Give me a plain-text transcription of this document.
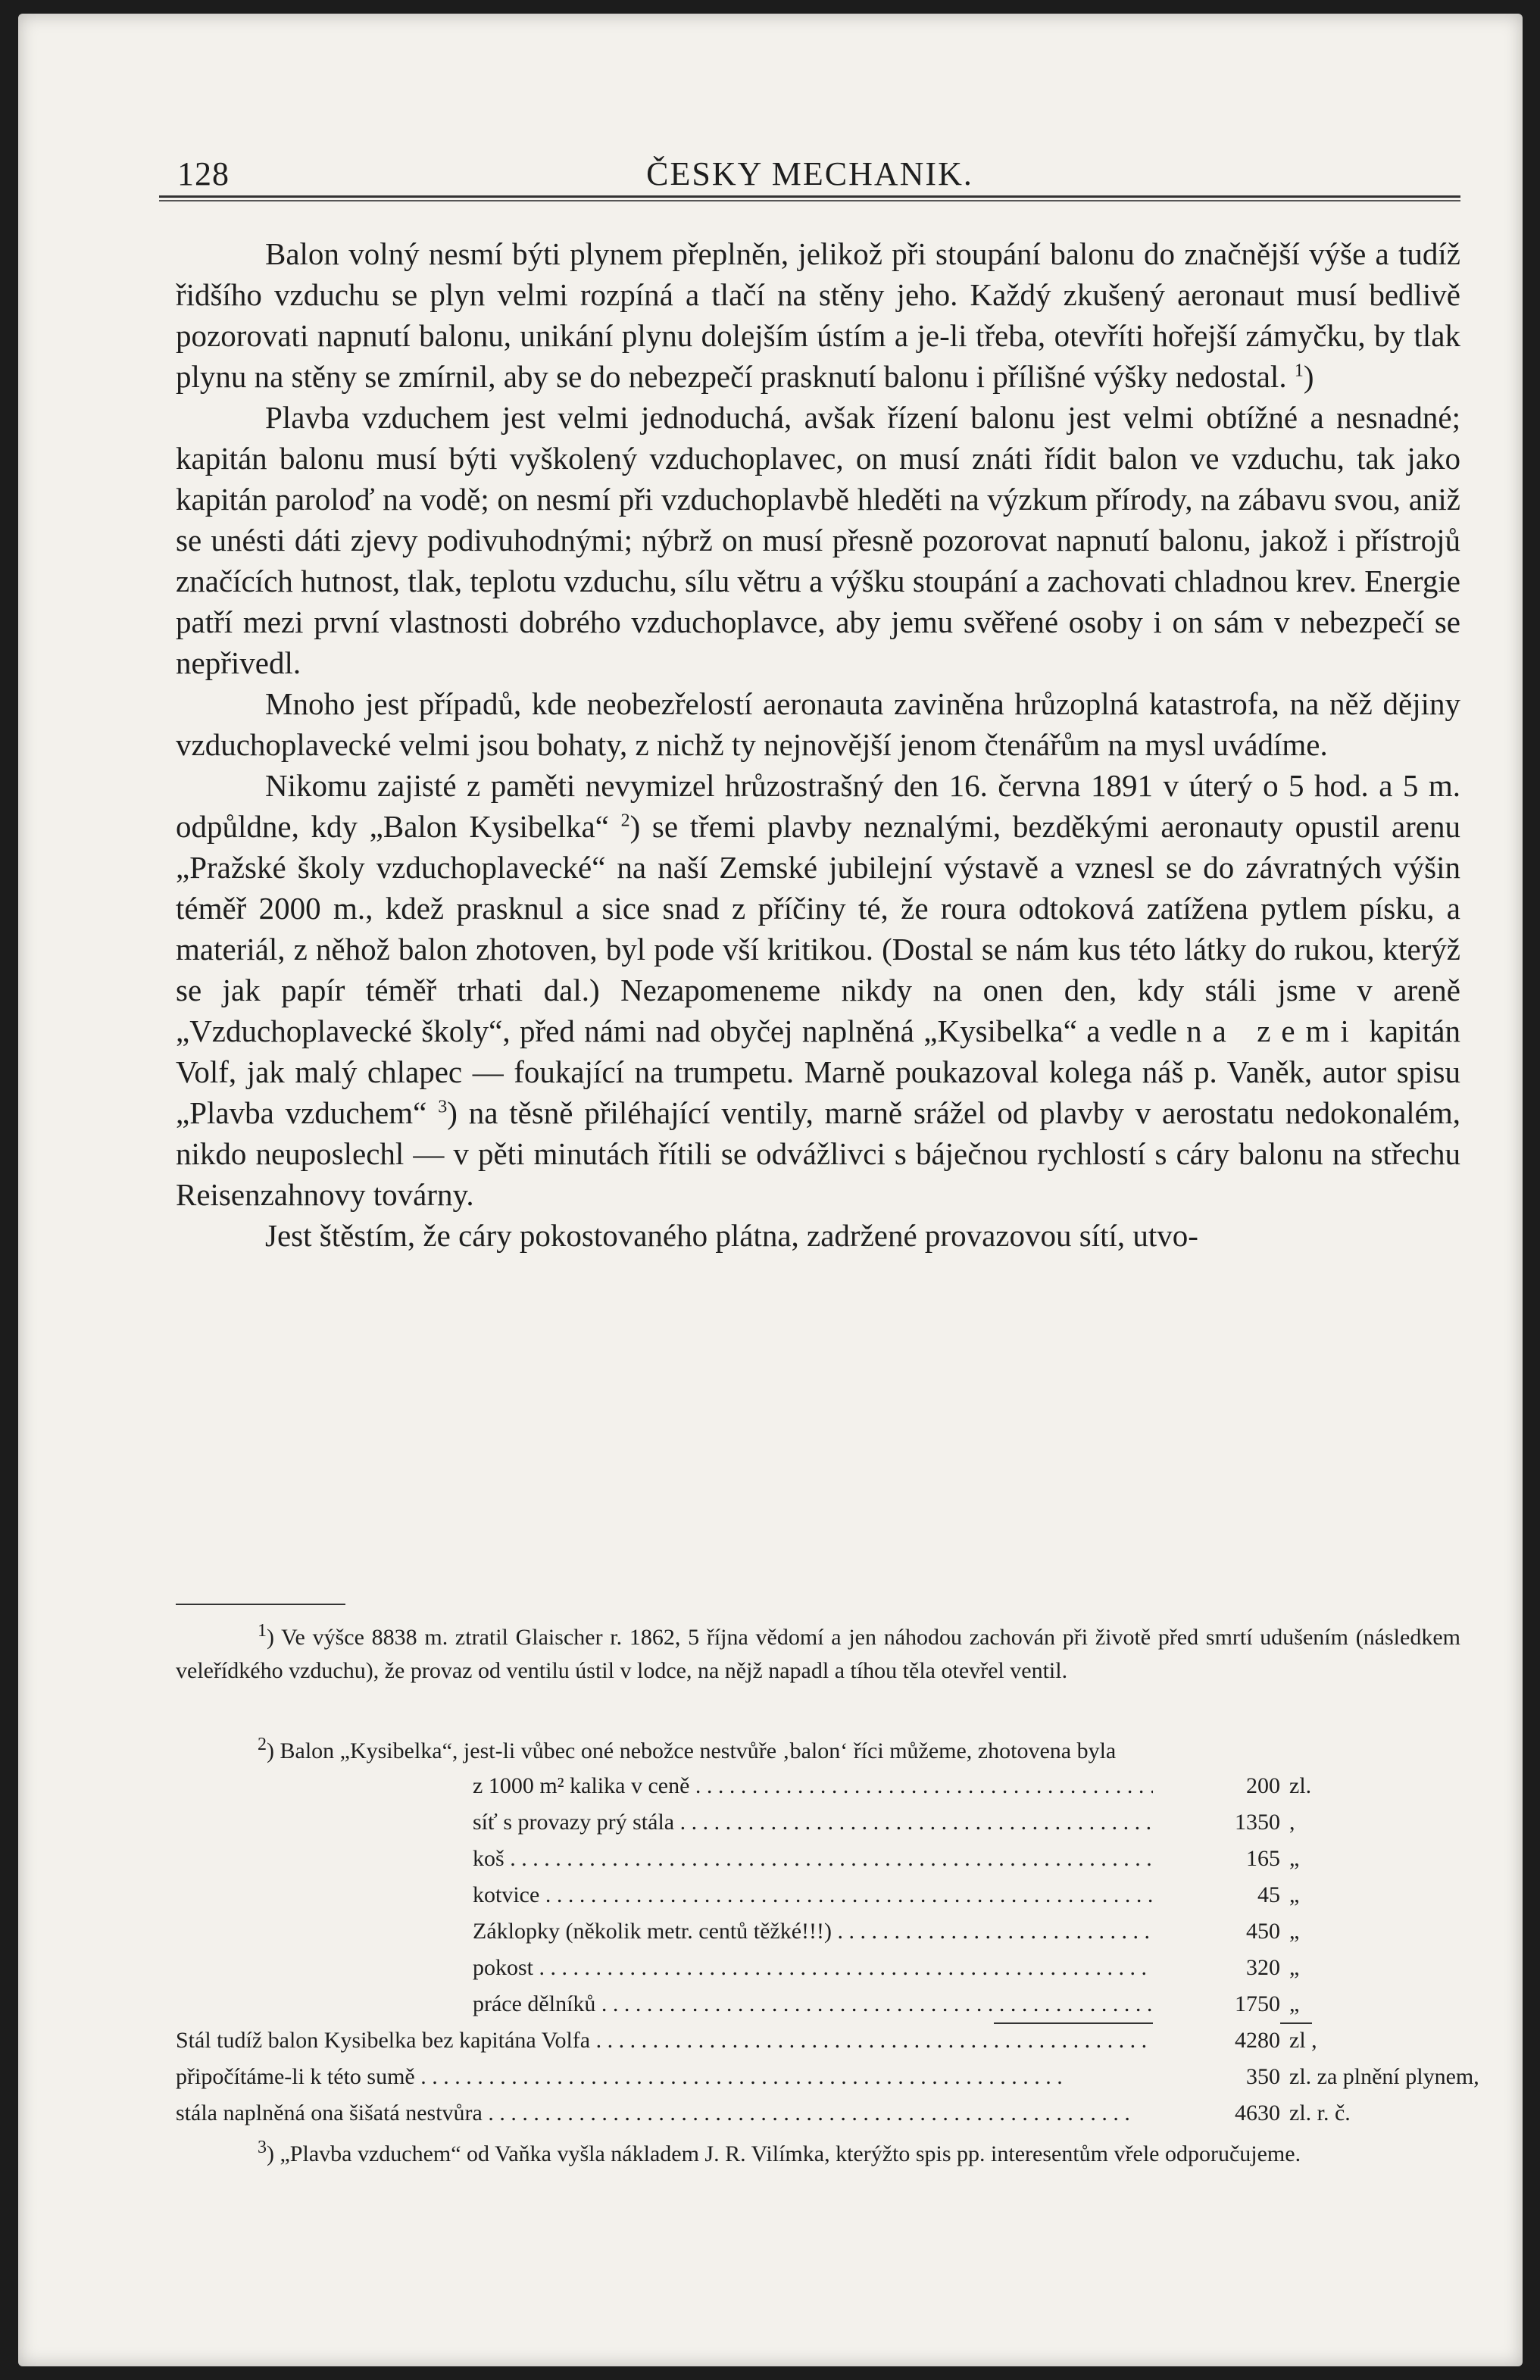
128	ČESKY MECHANIK.

Balon volný nesmí býti plynem přeplněn, jelikož při stoupání balonu do značnější výše a tudíž řidšího vzduchu se plyn velmi rozpíná a tlačí na stěny jeho. Každý zkušený aeronaut musí bedlivě pozorovati napnutí balonu, unikání plynu dolejším ústím a je-li třeba, otevříti hořejší zámyčku, by tlak plynu na stěny se zmírnil, aby se do nebezpečí prasknutí balonu i přílišné výšky nedostal. $^1$)

Plavba vzduchem jest velmi jednoduchá, avšak řízení balonu jest velmi obtížné a nesnadné; kapitán balonu musí býti vyškolený vzduchoplavec, on musí znáti řídit balon ve vzduchu, tak jako kapitán paroloď na vodě; on nesmí při vzduchoplavbě hleděti na výzkum přírody, na zábavu svou, aniž se unésti dáti zjevy podivuhodnými; nýbrž on musí přesně pozorovat napnutí balonu, jakož i přístrojů značících hutnost, tlak, teplotu vzduchu, sílu větru a výšku stoupání a zachovati chladnou krev. Energie patří mezi první vlastnosti dobrého vzduchoplavce, aby jemu svěřené osoby i on sám v nebezpečí se nepřivedl.

Mnoho jest případů, kde neobezřelostí aeronauta zaviněna hrůzoplná katastrofa, na něž dějiny vzduchoplavecké velmi jsou bohaty, z nichž ty nejnovější jenom čtenářům na mysl uvádíme.

Nikomu zajisté z paměti nevymizel hrůzostrašný den 16. června 1891 v úterý o 5 hod. a 5 m. odpůldne, kdy „Balon Kysibelka“ $^2$) se třemi plavby neznalými, bezděkými aeronauty opustil arenu „Pražské školy vzduchoplavecké“ na naší Zemské jubilejní výstavě a vznesl se do závratných výšin téměř 2000 m., kdež prasknul a sice snad z příčiny té, že roura odtoková zatížena pytlem písku, a materiál, z něhož balon zhotoven, byl pode vší kritikou. (Dostal se nám kus této látky do rukou, kterýž se jak papír téměř trhati dal.) Nezapomeneme nikdy na onen den, kdy stáli jsme v areně „Vzduchoplavecké školy“, před námi nad obyčej naplněná „Kysibelka“ a vedle na zemi kapitán Volf, jak malý chlapec — foukající na trumpetu. Marně poukazoval kolega náš p. Vaněk, autor spisu „Plavba vzduchem“ $^3$) na těsně přiléhající ventily, marně srážel od plavby v aerostatu nedokonalém, nikdo neuposlechl — v pěti minutách řítili se odvážlivci s báječnou rychlostí s cáry balonu na střechu Reisenzahnovy továrny.

Jest štěstím, že cáry pokostovaného plátna, zadržené provazovou sítí, utvo-

$^1$) Ve výšce 8838 m. ztratil Glaischer r. 1862, 5 října vědomí a jen náhodou zachován při životě před smrtí udušením (následkem veleřídkého vzduchu), že provaz od ventilu ústil v lodce, na nějž napadl a tíhou těla otevřel ventil.

$^2$) Balon „Kysibelka“, jest-li vůbec oné nebožce nestvůře ‚balon‘ říci můžeme, zhotovena byla

z 1000 m² kalika v ceně . . .	200 zl.
síť s provazy prý stála . . .	1350 ,
koš . . .	165 „
kotvice . . .	45 „
Záklopky (několik metr. centů těžké!!!) . . .	450 „
pokost . . .	320 „
práce dělníků . . .	1750 „
Stál tudíž balon Kysibelka bez kapitána Volfa . . .	4280 zl ,
připočítáme-li k této sumě . . .	350 zl. za plnění plynem,
stála naplněná ona šišatá nestvůra . . .	4630 zl. r. č.

$^3$) „Plavba vzduchem“ od Vaňka vyšla nákladem J. R. Vilímka, kterýžto spis pp. interesentům vřele odporučujeme.
